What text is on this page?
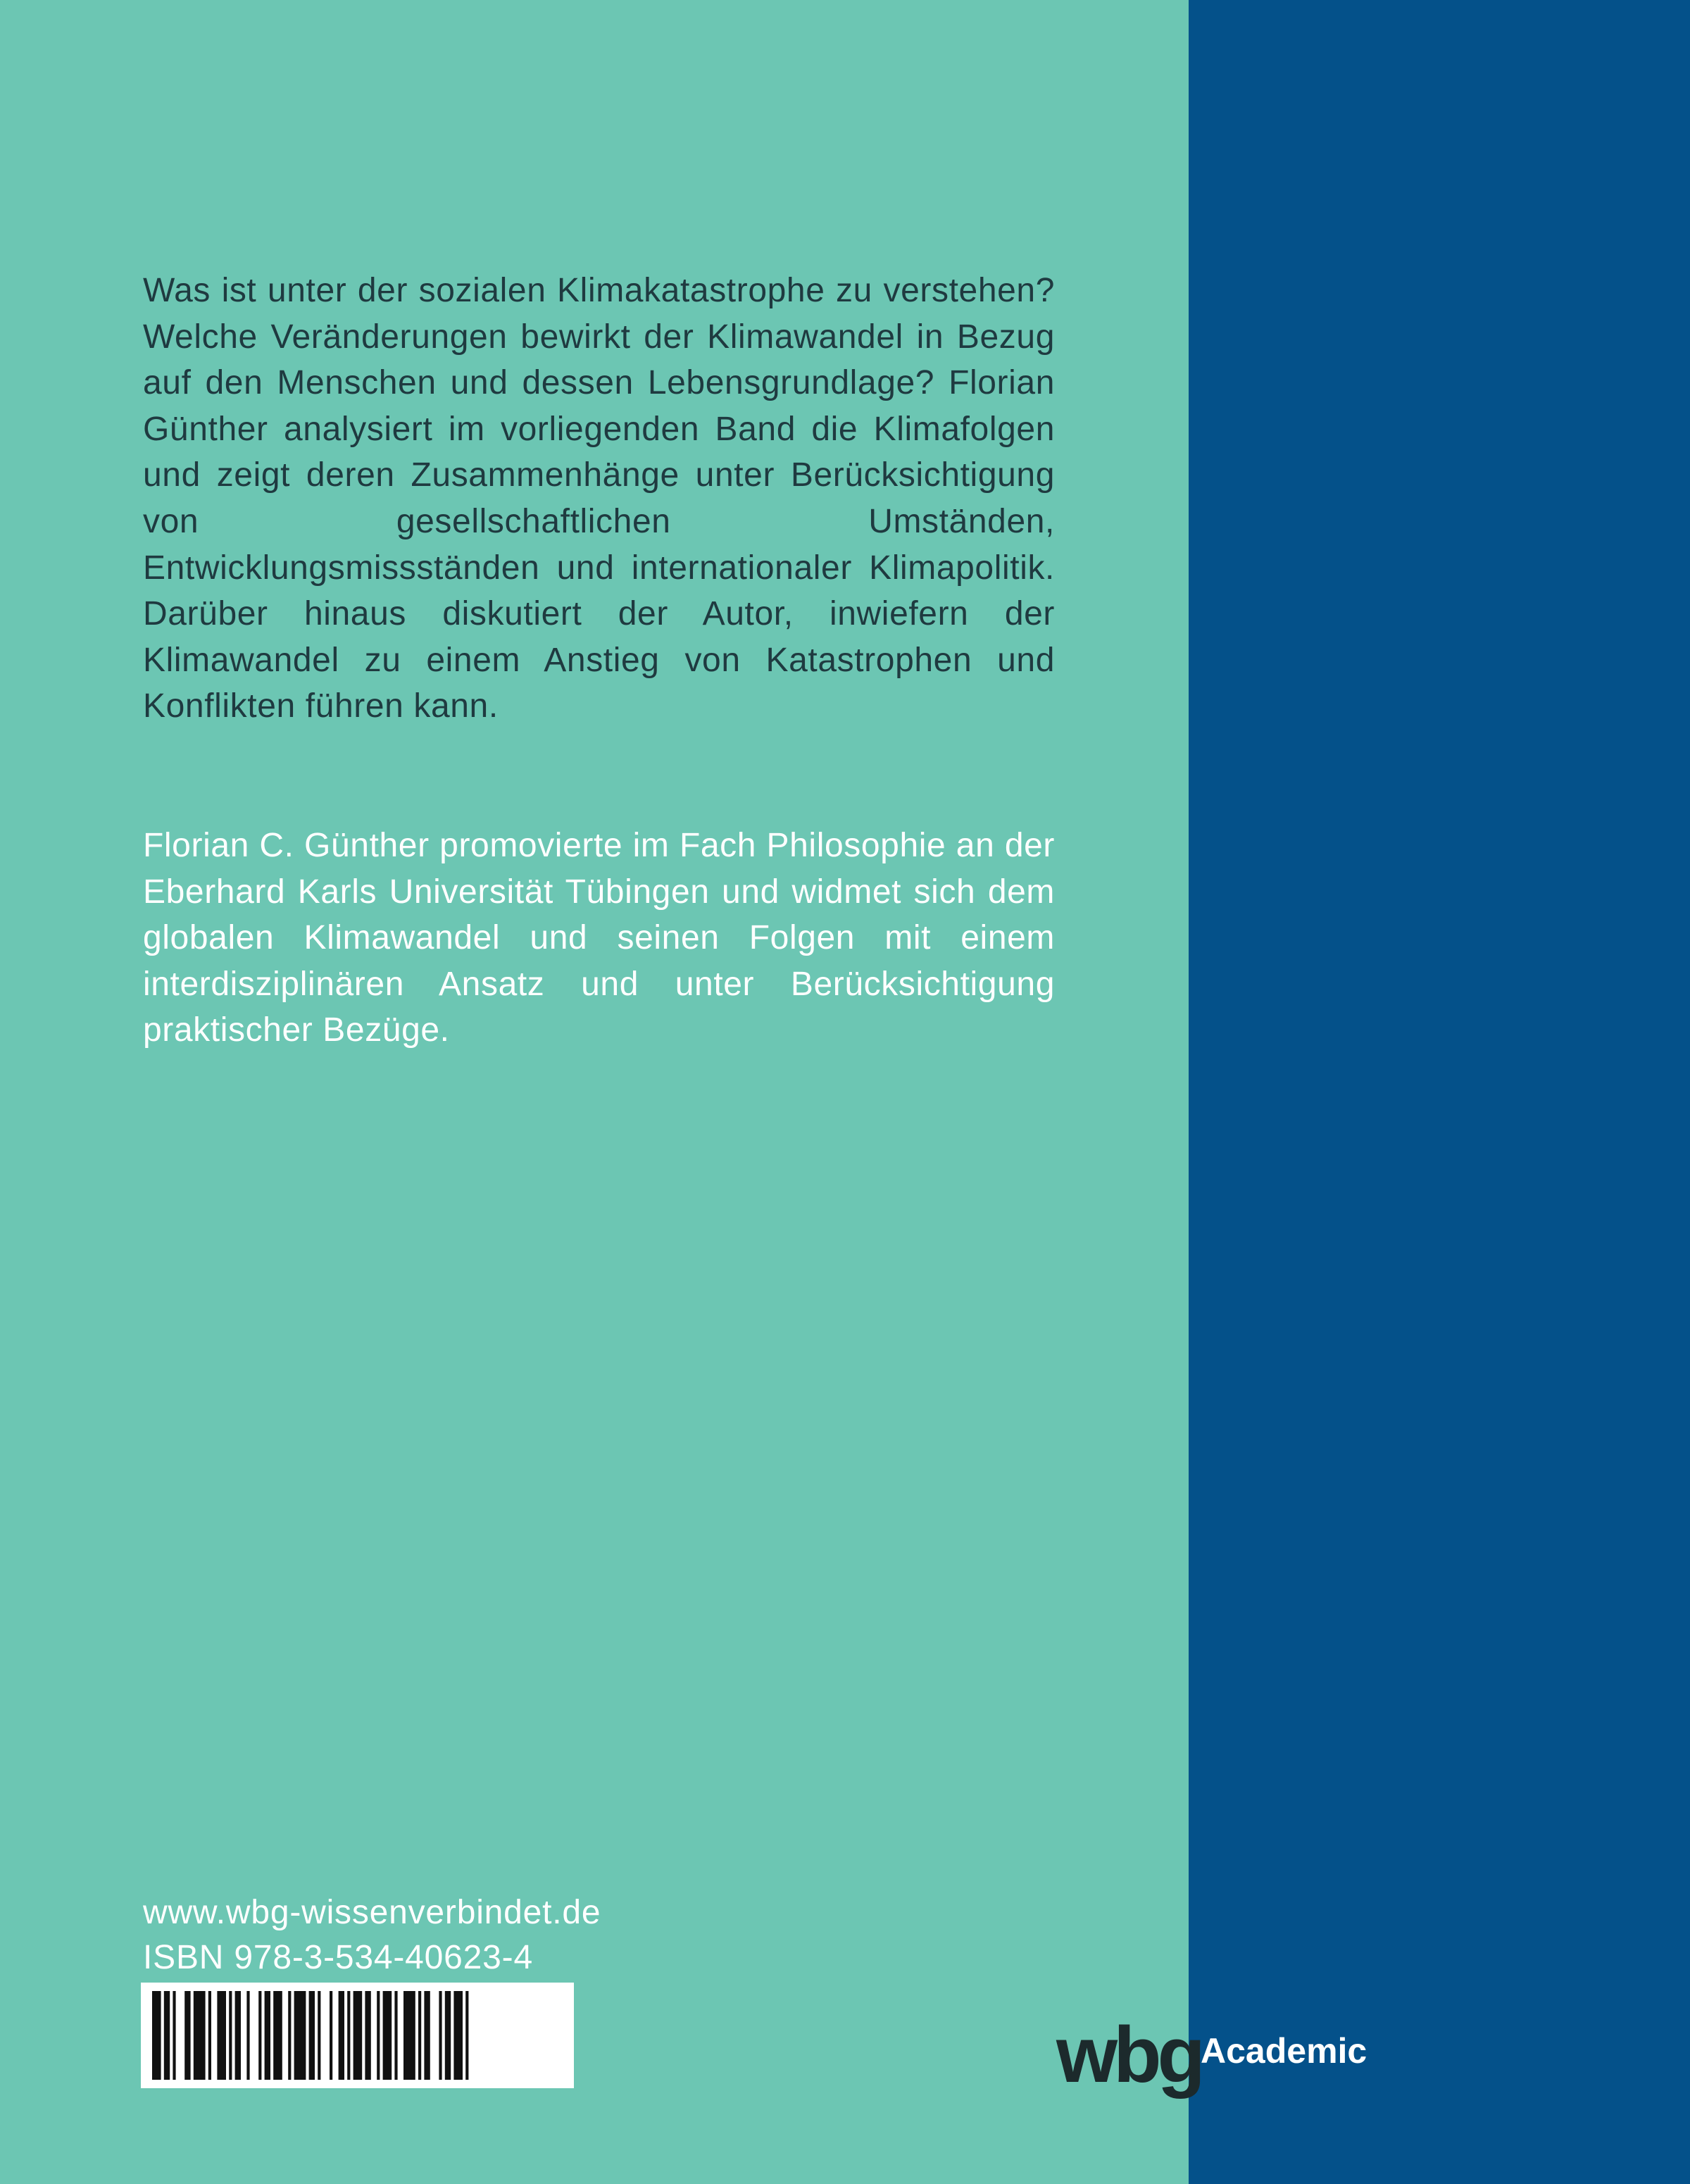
Was ist unter der sozialen Klimakatastrophe zu verstehen? Welche Veränderungen bewirkt der Klimawandel in Bezug auf den Menschen und dessen Lebensgrundlage? Florian Günther analysiert im vorliegenden Band die Klimafolgen und zeigt deren Zusammenhänge unter Berücksichtigung von gesellschaftlichen Umständen, Entwicklungsmissständen und internationaler Klimapolitik. Darüber hinaus diskutiert der Autor, inwiefern der Klimawandel zu einem Anstieg von Katastrophen und Konflikten führen kann.

Florian C. Günther promovierte im Fach Philosophie an der Eberhard Karls Universität Tübingen und widmet sich dem globalen Klimawandel und seinen Folgen mit einem interdisziplinären Ansatz und unter Berücksichtigung praktischer Bezüge.

www.wbg-wissenverbindet.de
ISBN 978-3-534-40623-4
wbg Academic
